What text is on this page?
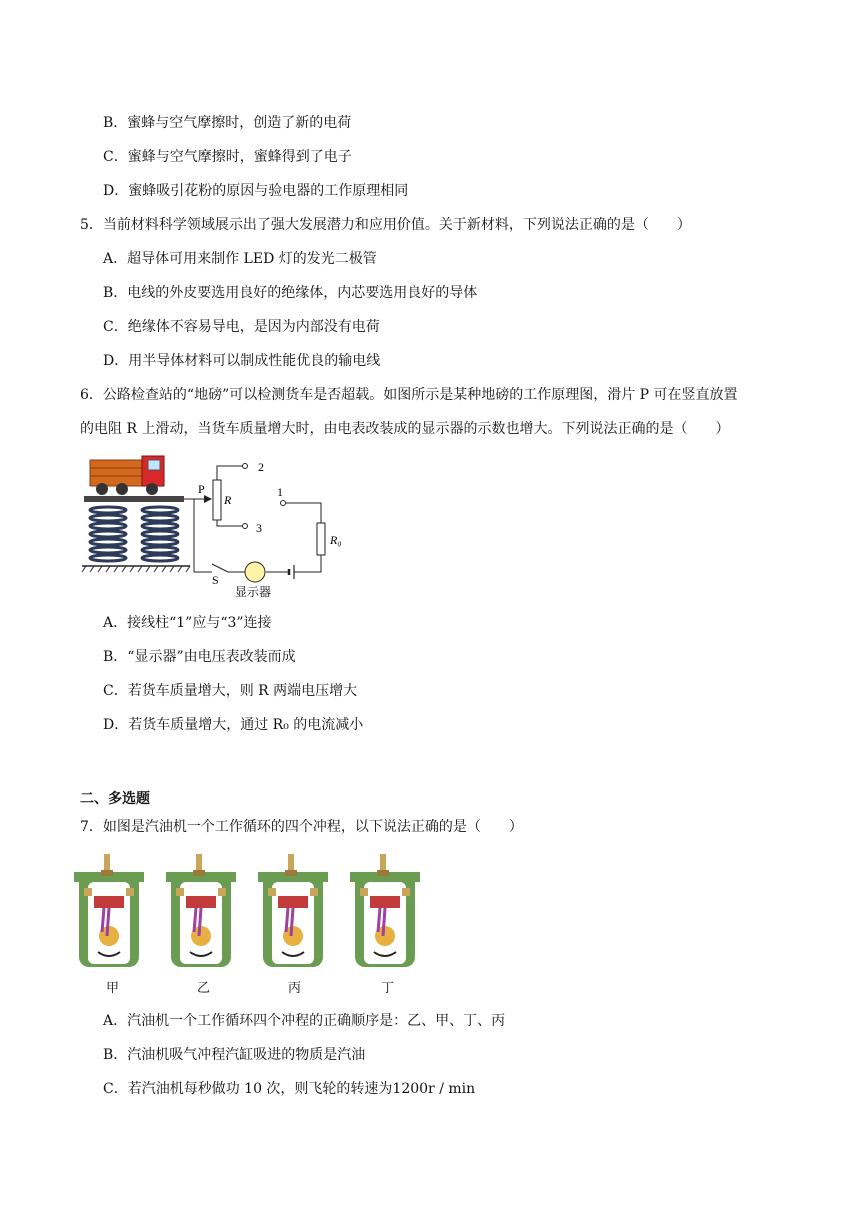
B．蜜蜂与空气摩擦时，创造了新的电荷
C．蜜蜂与空气摩擦时，蜜蜂得到了电子
D．蜜蜂吸引花粉的原因与验电器的工作原理相同
5．当前材料科学领域展示出了强大发展潜力和应用价值。关于新材料，下列说法正确的是（　　）
A．超导体可用来制作 LED 灯的发光二极管
B．电线的外皮要选用良好的绝缘体，内芯要选用良好的导体
C．绝缘体不容易导电，是因为内部没有电荷
D．用半导体材料可以制成性能优良的输电线
6．公路检查站的“地磅”可以检测货车是否超载。如图所示是某种地磅的工作原理图，滑片 P 可在竖直放置
的电阻 R 上滑动，当货车质量增大时，由电表改装成的显示器的示数也增大。下列说法正确的是（　　）
P
R
2
1
3
R₀
S
显示器
A．接线柱“1”应与“3”连接
B．“显示器”由电压表改装而成
C．若货车质量增大，则 R 两端电压增大
D．若货车质量增大，通过 R₀ 的电流减小
二、多选题
7．如图是汽油机一个工作循环的四个冲程，以下说法正确的是（　　）
甲	乙	丙	丁
A．汽油机一个工作循环四个冲程的正确顺序是：乙、甲、丁、丙
B．汽油机吸气冲程汽缸吸进的物质是汽油
C．若汽油机每秒做功 10 次，则飞轮的转速为1200r / min
